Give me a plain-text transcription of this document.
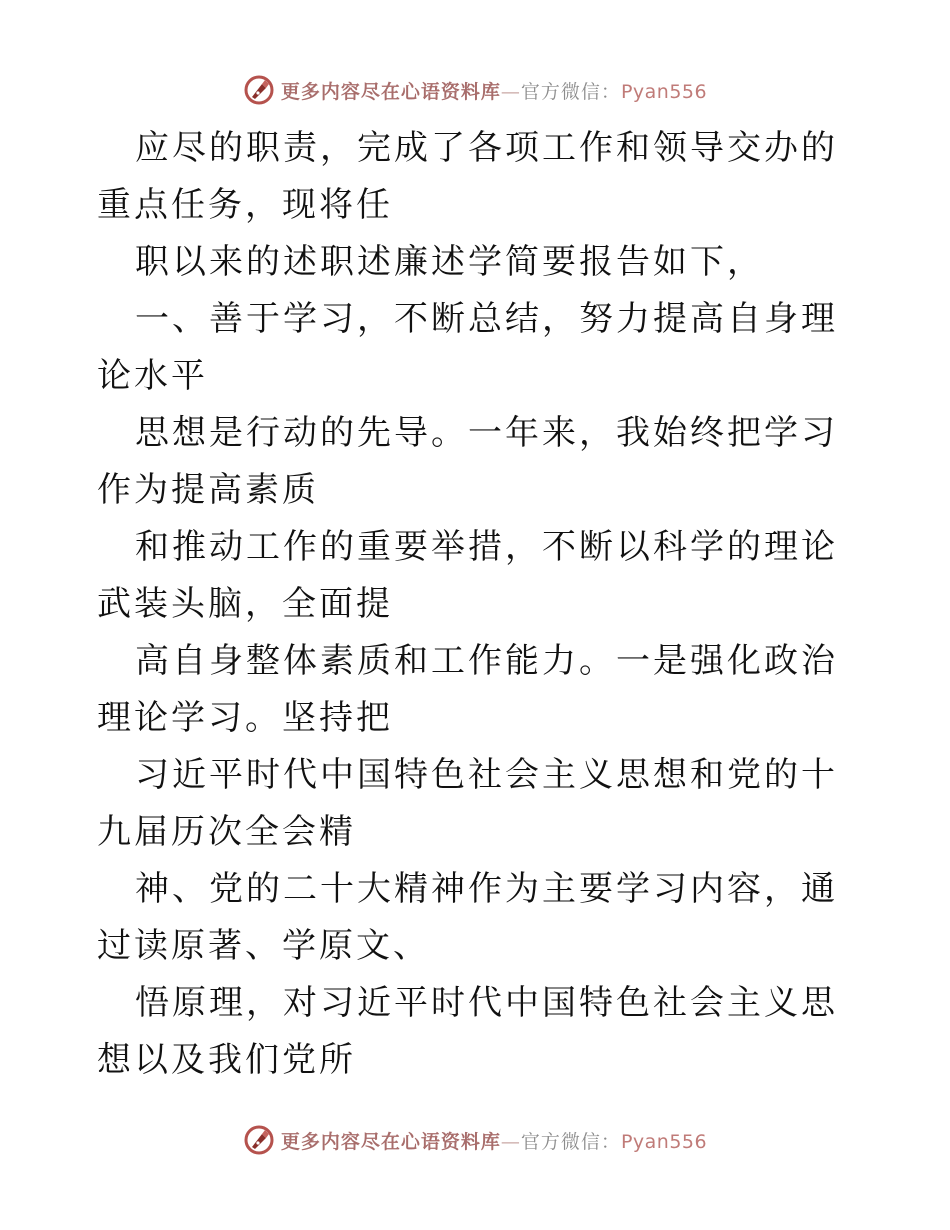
更多内容尽在心语资料库—官方微信：Pyan556

应尽的职责，完成了各项工作和领导交办的重点任务，现将任

职以来的述职述廉述学简要报告如下，

一、善于学习，不断总结，努力提高自身理论水平

思想是行动的先导。一年来，我始终把学习作为提高素质

和推动工作的重要举措，不断以科学的理论武装头脑，全面提

高自身整体素质和工作能力。一是强化政治理论学习。坚持把

习近平时代中国特色社会主义思想和党的十九届历次全会精

神、党的二十大精神作为主要学习内容，通过读原著、学原文、

悟原理，对习近平时代中国特色社会主义思想以及我们党所

更多内容尽在心语资料库—官方微信：Pyan556
